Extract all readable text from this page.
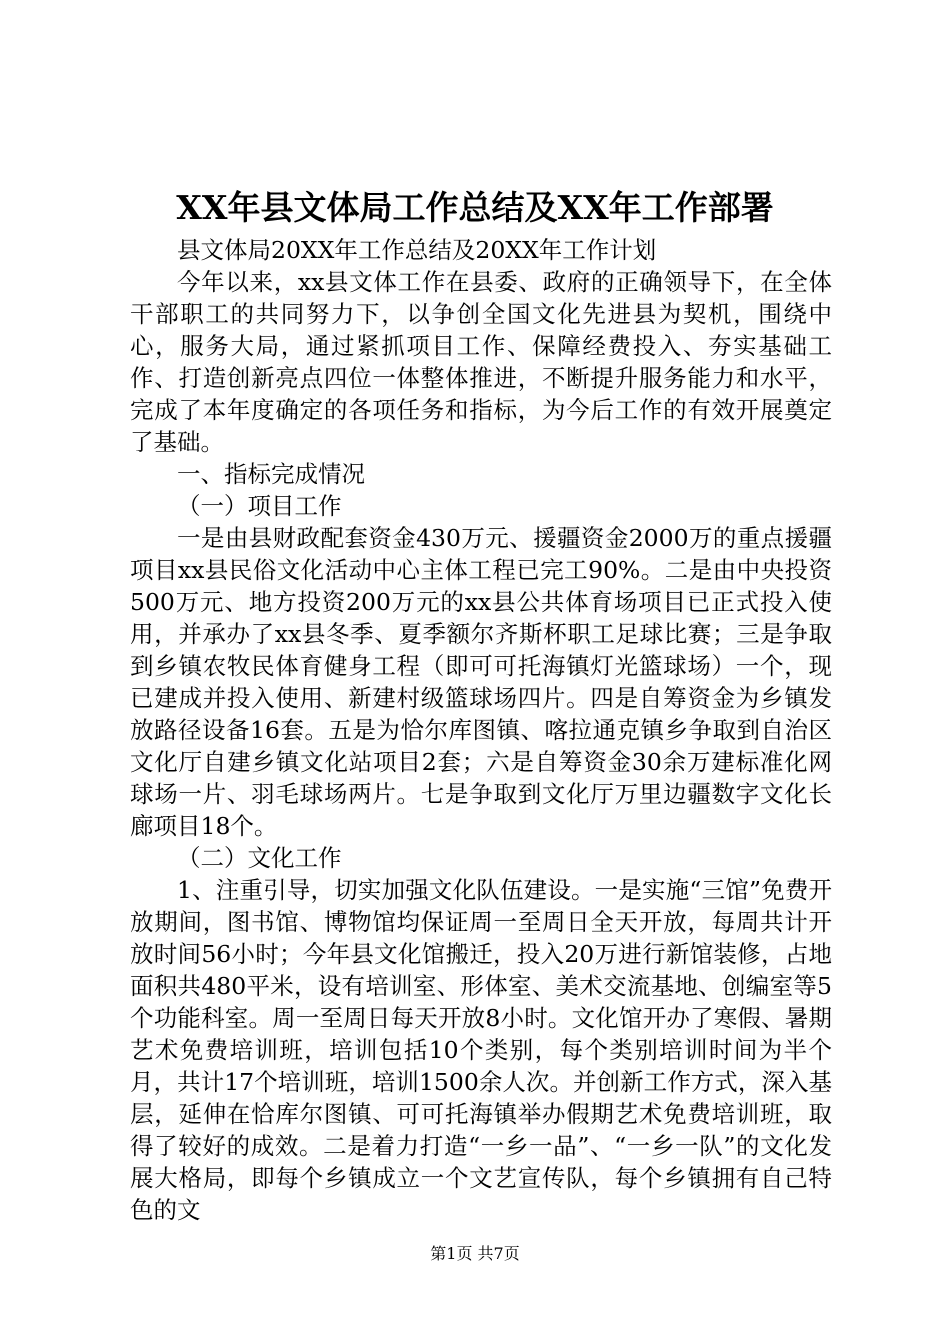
XX年县文体局工作总结及XX年工作部署

县文体局20XX年工作总结及20XX年工作计划

今年以来，xx县文体工作在县委、政府的正确领导下，在全体干部职工的共同努力下，以争创全国文化先进县为契机，围绕中心，服务大局，通过紧抓项目工作、保障经费投入、夯实基础工作、打造创新亮点四位一体整体推进，不断提升服务能力和水平，完成了本年度确定的各项任务和指标，为今后工作的有效开展奠定了基础。

一、指标完成情况

（一）项目工作

一是由县财政配套资金430万元、援疆资金2000万的重点援疆项目xx县民俗文化活动中心主体工程已完工90%。二是由中央投资500万元、地方投资200万元的xx县公共体育场项目已正式投入使用，并承办了xx县冬季、夏季额尔齐斯杯职工足球比赛；三是争取到乡镇农牧民体育健身工程（即可可托海镇灯光篮球场）一个，现已建成并投入使用、新建村级篮球场四片。四是自筹资金为乡镇发放路径设备16套。五是为恰尔库图镇、喀拉通克镇乡争取到自治区文化厅自建乡镇文化站项目2套；六是自筹资金30余万建标准化网球场一片、羽毛球场两片。七是争取到文化厅万里边疆数字文化长廊项目18个。

（二）文化工作

1、注重引导，切实加强文化队伍建设。一是实施“三馆”免费开放期间，图书馆、博物馆均保证周一至周日全天开放，每周共计开放时间56小时；今年县文化馆搬迁，投入20万进行新馆装修，占地面积共480平米，设有培训室、形体室、美术交流基地、创编室等5个功能科室。周一至周日每天开放8小时。文化馆开办了寒假、暑期艺术免费培训班，培训包括10个类别，每个类别培训时间为半个月，共计17个培训班，培训1500余人次。并创新工作方式，深入基层，延伸在恰库尔图镇、可可托海镇举办假期艺术免费培训班，取得了较好的成效。二是着力打造“一乡一品”、“一乡一队”的文化发展大格局，即每个乡镇成立一个文艺宣传队，每个乡镇拥有自己特色的文

第1页 共7页
